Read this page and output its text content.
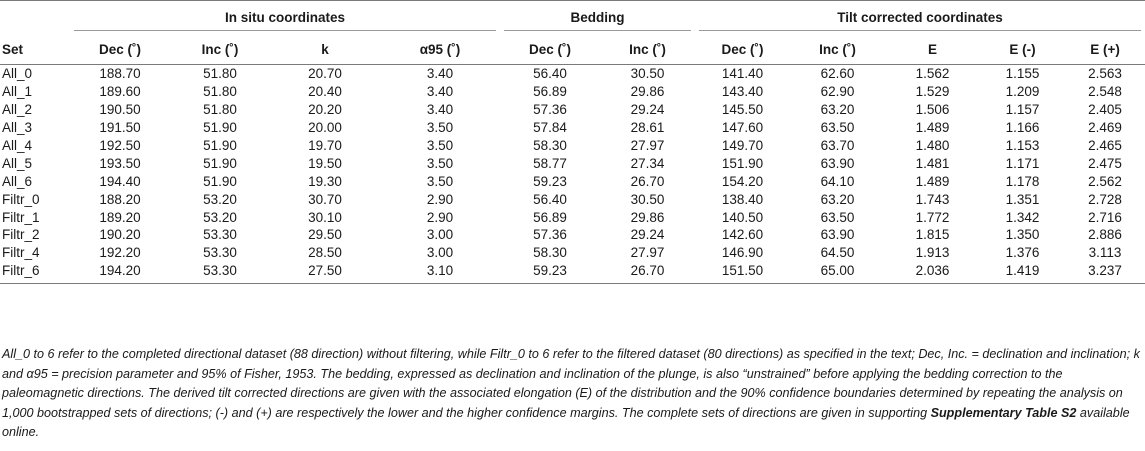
	In situ coordinates				Bedding		Tilt corrected coordinates				

Set	Dec (˚)	Inc (˚)	k	α95 (˚)	Dec (˚)	Inc (˚)	Dec (˚)	Inc (˚)	E	E (-)	E (+)
All_0	188.70	51.80	20.70	3.40	56.40	30.50	141.40	62.60	1.562	1.155	2.563
All_1	189.60	51.80	20.40	3.40	56.89	29.86	143.40	62.90	1.529	1.209	2.548
All_2	190.50	51.80	20.20	3.40	57.36	29.24	145.50	63.20	1.506	1.157	2.405
All_3	191.50	51.90	20.00	3.50	57.84	28.61	147.60	63.50	1.489	1.166	2.469
All_4	192.50	51.90	19.70	3.50	58.30	27.97	149.70	63.70	1.480	1.153	2.465
All_5	193.50	51.90	19.50	3.50	58.77	27.34	151.90	63.90	1.481	1.171	2.475
All_6	194.40	51.90	19.30	3.50	59.23	26.70	154.20	64.10	1.489	1.178	2.562
Filtr_0	188.20	53.20	30.70	2.90	56.40	30.50	138.40	63.20	1.743	1.351	2.728
Filtr_1	189.20	53.20	30.10	2.90	56.89	29.86	140.50	63.50	1.772	1.342	2.716
Filtr_2	190.20	53.30	29.50	3.00	57.36	29.24	142.60	63.90	1.815	1.350	2.886
Filtr_4	192.20	53.30	28.50	3.00	58.30	27.97	146.90	64.50	1.913	1.376	3.113
Filtr_6	194.20	53.30	27.50	3.10	59.23	26.70	151.50	65.00	2.036	1.419	3.237
All_0 to 6 refer to the completed directional dataset (88 direction) without filtering, while Filtr_0 to 6 refer to the filtered dataset (80 directions) as specified in the text; Dec, Inc. = declination and inclination; k and α95 = precision parameter and 95% of Fisher, 1953. The bedding, expressed as declination and inclination of the plunge, is also “unstrained” before applying the bedding correction to the paleomagnetic directions. The derived tilt corrected directions are given with the associated elongation (E) of the distribution and the 90% confidence boundaries determined by repeating the analysis on 1,000 bootstrapped sets of directions; (-) and (+) are respectively the lower and the higher confidence margins. The complete sets of directions are given in supporting Supplementary Table S2 available online.
